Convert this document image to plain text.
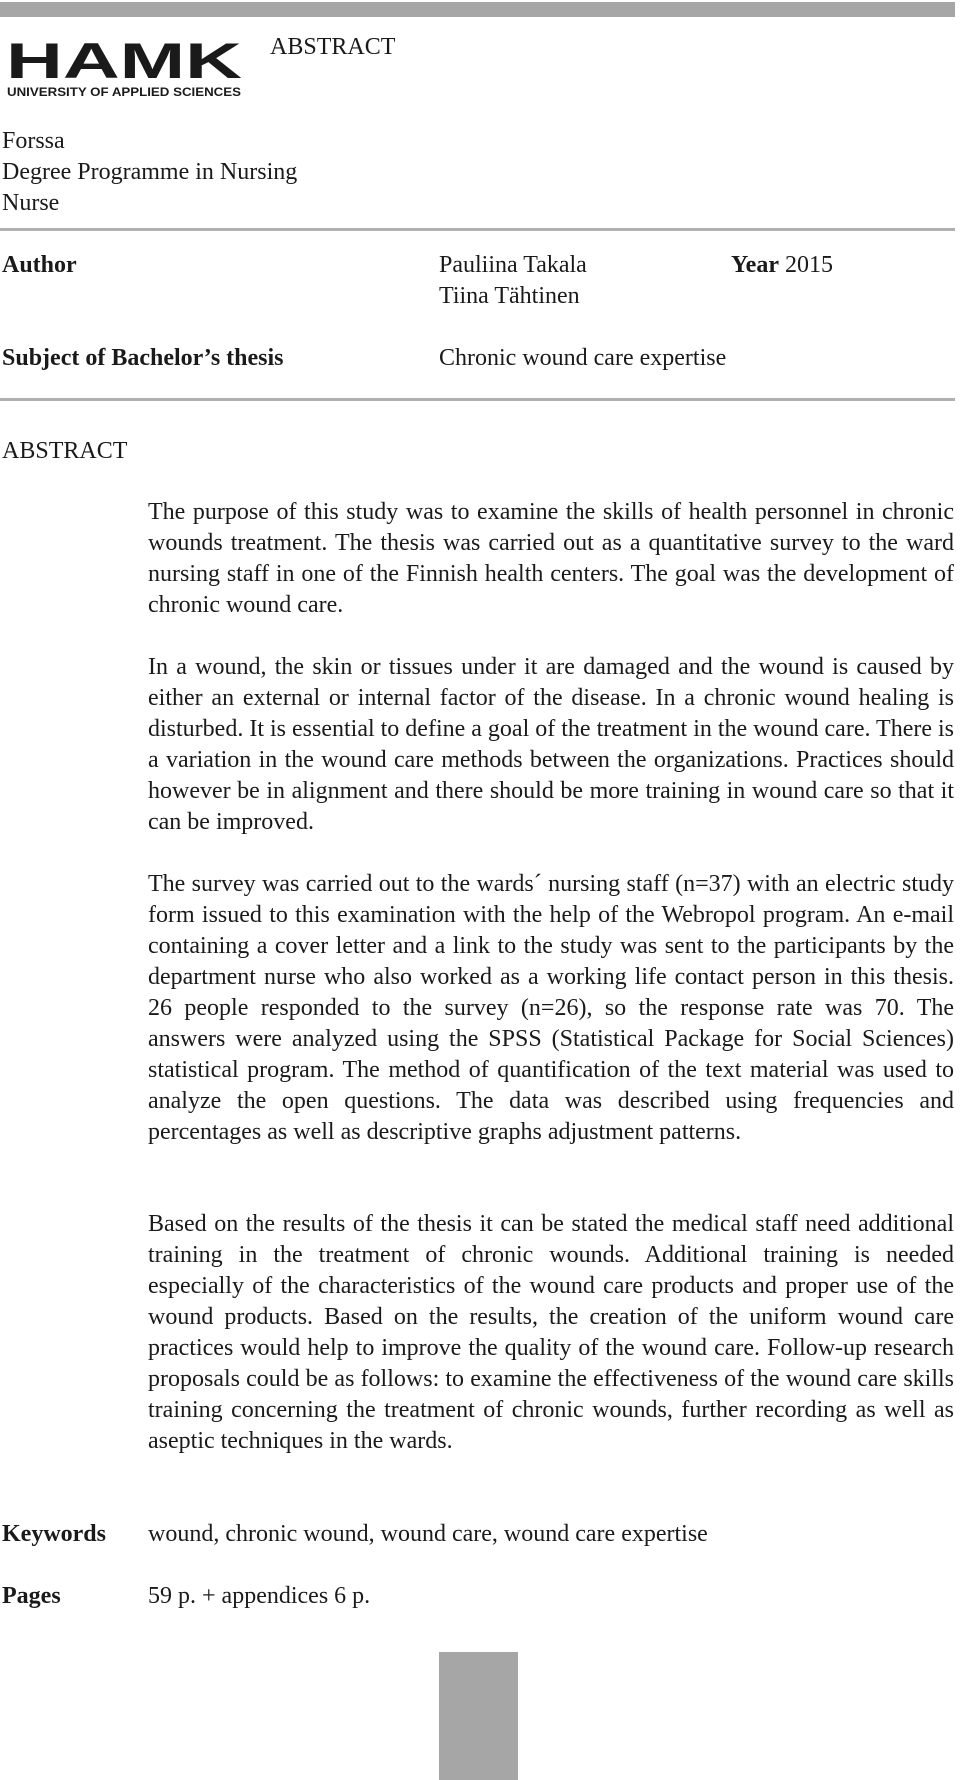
HAMK
UNIVERSITY OF APPLIED SCIENCES
ABSTRACT
Forssa
Degree Programme in Nursing
Nurse
Author	Pauliina Takala
Tiina Tähtinen
Year 2015
Subject of Bachelor’s thesis	Chronic wound care expertise
ABSTRACT

The purpose of this study was to examine the skills of health personnel in chronic wounds treatment. The thesis was carried out as a quantitative survey to the ward nursing staff in one of the Finnish health centers. The goal was the development of chronic wound care.

In a wound, the skin or tissues under it are damaged and the wound is caused by either an external or internal factor of the disease. In a chronic wound healing is disturbed. It is essential to define a goal of the treatment in the wound care. There is a variation in the wound care methods between the organizations. Practices should however be in alignment and there should be more training in wound care so that it can be improved.

The survey was carried out to the wards´ nursing staff (n=37) with an electric study form issued to this examination with the help of the Webropol program. An e-mail containing a cover letter and a link to the study was sent to the participants by the department nurse who also worked as a working life contact person in this thesis. 26 people responded to the survey (n=26), so the response rate was 70. The answers were analyzed using the SPSS (Statistical Package for Social Sciences) statistical program. The method of quantification of the text material was used to analyze the open questions. The data was described using frequencies and percentages as well as descriptive graphs adjustment patterns.

Based on the results of the thesis it can be stated the medical staff need additional training in the treatment of chronic wounds. Additional training is needed especially of the characteristics of the wound care products and proper use of the wound products. Based on the results, the creation of the uniform wound care practices would help to improve the quality of the wound care. Follow-up research proposals could be as follows: to examine the effectiveness of the wound care skills training concerning the treatment of chronic wounds, further recording as well as aseptic techniques in the wards.

Keywords wound, chronic wound, wound care, wound care expertise
Pages	59 p. + appendices 6 p.
